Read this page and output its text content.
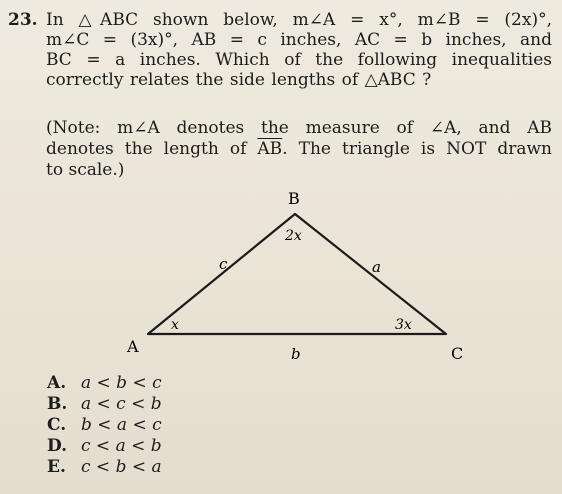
23. In △ABC shown below, m∠A = x°, m∠B = (2x)°,
m∠C = (3x)°, AB = c inches, AC = b inches, and
BC = a inches. Which of the following inequalities
correctly relates the side lengths of △ABC ?
(Note: m∠A denotes the measure of ∠A, and AB
denotes the length of $\overline{AB}$. The triangle is NOT drawn
to scale.)
A
B
C
c	a
b
x
2x
3x
A. a < b < c
B. a < c < b
C. b < a < c
D. c < a < b
E. c < b < a
